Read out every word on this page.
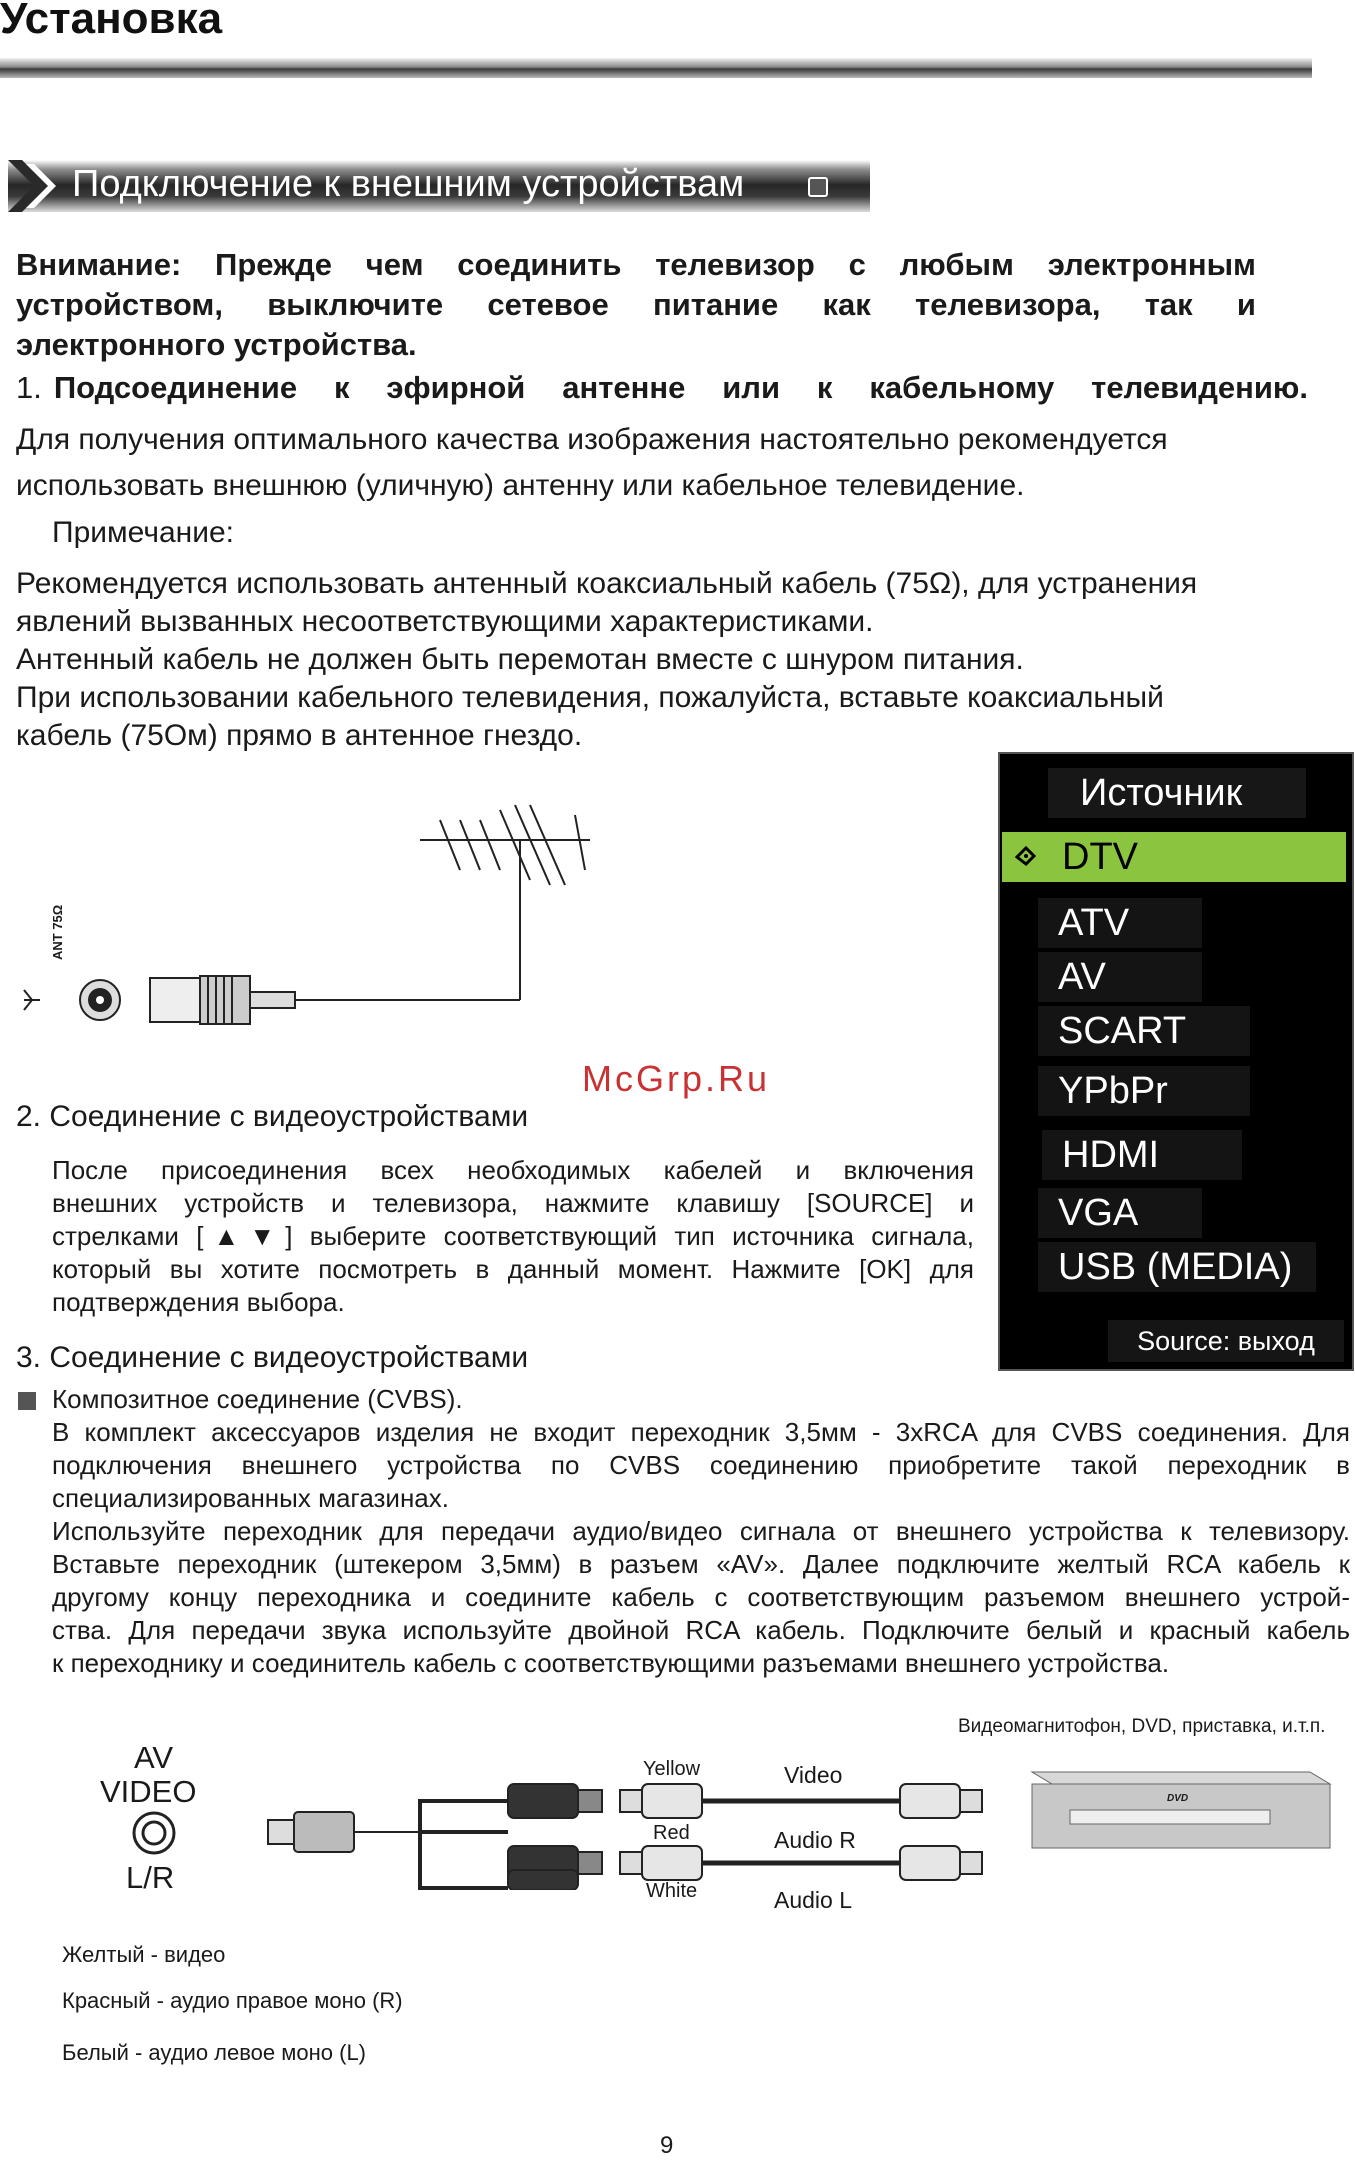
Установка
Подключение к внешним устройствам
Внимание: Прежде чем соединить телевизор с любым электронным
устройством, выключите сетевое питание как телевизора, так и
электронного устройства.
1. Подсоединение к эфирной антенне или к кабельному телевидению.
Для получения оптимального качества изображения настоятельно рекомендуется
использовать внешнюю (уличную) антенну или кабельное телевидение.
Примечание:
Рекомендуется использовать антенный коаксиальный кабель (75Ω), для устранения
явлений вызванных несоответствующими характеристиками.
Антенный кабель не должен быть перемотан вместе с шнуром питания.
При использовании кабельного телевидения, пожалуйста, вставьте коаксиальный
кабель (75Ом) прямо в антенное гнездо.
ANT 75Ω
McGrp.Ru
2. Соединение с видеоустройствами
После присоединения всех необходимых кабелей и включения
внешних устройств и телевизора, нажмите клавишу [SOURCE] и
стрелками [▲▼] выберите соответствующий тип источника сигнала,
который вы хотите посмотреть в данный момент. Нажмите [OK] для
подтверждения выбора.
Источник
DTV
ATV
AV
SCART
YPbPr
HDMI
VGA
USB (MEDIA)
Source: выход
3. Соединение с видеоустройствами
Композитное соединение (CVBS).
В комплект аксессуаров изделия не входит переходник 3,5мм - 3xRCA для CVBS соединения. Для
подключения внешнего устройства по CVBS соединению приобретите такой переходник в
специализированных магазинах.
Используйте переходник для передачи аудио/видео сигнала от внешнего устройства к телевизору.
Вставьте переходник (штекером 3,5мм) в разъем «AV». Далее подключите желтый RCA кабель к
другому концу переходника и соедините кабель с соответствующим разъемом внешнего устрой-
ства. Для передачи звука используйте двойной RCA кабель. Подключите белый и красный кабель
к переходнику и соединитель кабель с соответствующими разъемами внешнего устройства.
Видеомагнитофон, DVD, приставка, и.т.п.
AV
VIDEO
L/R
Yellow
Red
White
Video
Audio R
Audio L
DVD
Желтый - видео
Красный - аудио правое моно (R)
Белый - аудио левое моно (L)
9
